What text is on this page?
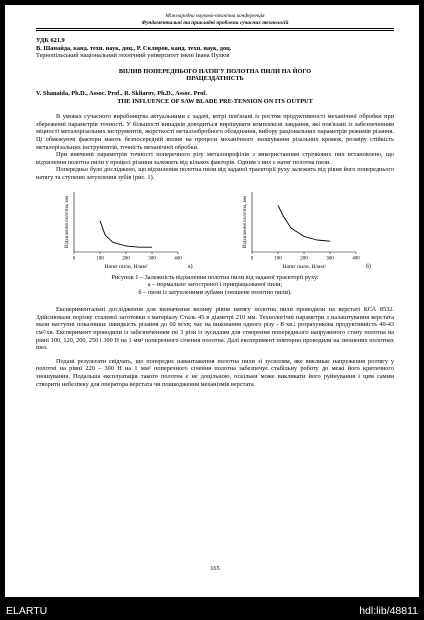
Міжнародна науково-технічна конференція
Фундаментальні та прикладні проблеми сучасних технологій

УДК 621.9

В. Шанайда, канд. техн. наук, доц., Р. Скляров, канд. техн. наук, доц.

Тернопільський національний технічний університет імені Івана Пулюя

ВПЛИВ ПОПЕРЕДНЬОГО НАТЯГУ ПОЛОТНА ПИЛИ НА ЙОГО

ПРАЦЕЗДАТНІСТЬ

V. Shanaida, Ph.D., Assoc. Prof., R. Skliarov, Ph.D., Assoc. Prof.

THE INFLUENCE OF SAW BLADE PRE-TENSION ON ITS OUTPUT

В умовах сучасного виробництва актуальними є задачі, котрі пов'язані із ростом продуктивності механічної обробки при збереженні параметрів точності. У більшості випадків доводиться вирішувати комплексні завдання, які пов'язані із забезпеченням міцності металорізальних інструментів, жорсткості металообробного обладнання, вибору раціональних параметрів режимів різання. Ці обмежуючі фактори мають безпосередній вплив на процеси механічного зношування різальних кромок, розміру стійкість металорізальних інструментів, точність механічної обробки.

При вивченні параметрів точності поперечного різу металопрофілів з використанням стрічкових пил встановлено, що відхилення полотна пили у процесі різання залежить від кількох факторів. Одним з них є натяг полотна пили.

Попередньо було досліджено, що відхилення полотна пили від заданої траєкторії руху залежить від рівня його попереднього натягу та ступеню затуплення зубів (рис. 1).

0	100	200	300	400
Відхилення полотна, мм
Натяг пили, Н/мм²	а)
0	100	200	300	400
Відхилення полотна, мм
Натяг пили, Н/мм²	б)

Рисунок 1 – Залежність відхилення полотна пили від заданої траєкторії руху:

а – нормально загостреної і припрацьованої пили;

б – пили із затупленими зубами (зношене полотно пили).

Експериментальні дослідження для визначення впливу рівня натягу полотна пили проводили на верстаті КСА 8532. Здійснювали порізку сталевої заготовки з матеріалу Сталь 45 в діаметрі 210 мм. Технологічні параметри з налаштування верстата мали наступні показники: швидкість різання до 60 м/хв; час на виконання одного різу - 8 хв.; розрахункова продуктивність 40-43 см²/хв. Експеримент проводили із забезпеченням по 3 різи із зусиллям для створення попереднього напруженого стану полотна на рівні 100, 120, 200, 250 і 300 Н на 1 мм² поперечного січення полотна. Далі експеримент повторно проводили на зношених полотнах пил.

Подані результати свідчать, що попереднє навантаження полотна пили зі зусиллям, яке викликає напруження розтягу у полотні на рівні 220 – 300 Н на 1 мм² поперечного січення полотна забезпечує стабільну роботу до межі його критичного зношування. Подальша експлуатація такого полотна є не доцільною, оскільки може викликати його руйнування і цим самим створити небезпеку для оператора верстата чи пошкодження механізмів верстата.

165
ELARTU	hdl:lib/48811
